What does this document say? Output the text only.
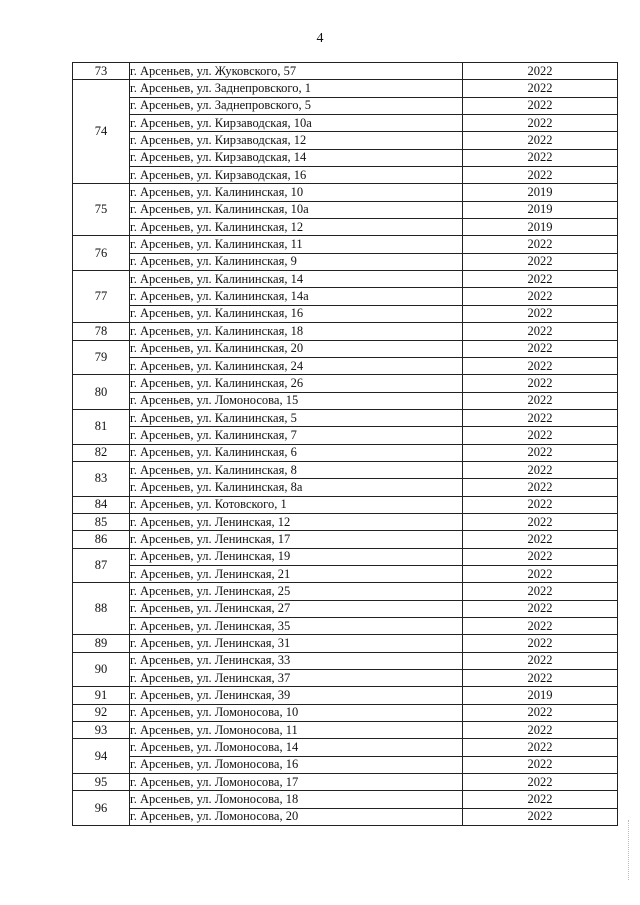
4
73	г. Арсеньев, ул. Жуковского, 57	2022
74	г. Арсеньев, ул. Заднепровского, 1	2022
	г. Арсеньев, ул. Заднепровского, 5	2022
	г. Арсеньев, ул. Кирзаводская, 10а	2022
	г. Арсеньев, ул. Кирзаводская, 12	2022
	г. Арсеньев, ул. Кирзаводская, 14	2022
	г. Арсеньев, ул. Кирзаводская, 16	2022
75	г. Арсеньев, ул. Калининская, 10	2019
	г. Арсеньев, ул. Калининская, 10а	2019
	г. Арсеньев, ул. Калининская, 12	2019
76	г. Арсеньев, ул. Калининская, 11	2022
	г. Арсеньев, ул. Калининская, 9	2022
77	г. Арсеньев, ул. Калининская, 14	2022
	г. Арсеньев, ул. Калининская, 14а	2022
	г. Арсеньев, ул. Калининская, 16	2022
78	г. Арсеньев, ул. Калининская, 18	2022
79	г. Арсеньев, ул. Калининская, 20	2022
	г. Арсеньев, ул. Калининская, 24	2022
80	г. Арсеньев, ул. Калининская, 26	2022
	г. Арсеньев, ул. Ломоносова, 15	2022
81	г. Арсеньев, ул. Калининская, 5	2022
	г. Арсеньев, ул. Калининская, 7	2022
82	г. Арсеньев, ул. Калининская, 6	2022
83	г. Арсеньев, ул. Калининская, 8	2022
	г. Арсеньев, ул. Калининская, 8а	2022
84	г. Арсеньев, ул. Котовского, 1	2022
85	г. Арсеньев, ул. Ленинская, 12	2022
86	г. Арсеньев, ул. Ленинская, 17	2022
87	г. Арсеньев, ул. Ленинская, 19	2022
	г. Арсеньев, ул. Ленинская, 21	2022
88	г. Арсеньев, ул. Ленинская, 25	2022
	г. Арсеньев, ул. Ленинская, 27	2022
	г. Арсеньев, ул. Ленинская, 35	2022
89	г. Арсеньев, ул. Ленинская, 31	2022
90	г. Арсеньев, ул. Ленинская, 33	2022
	г. Арсеньев, ул. Ленинская, 37	2022
91	г. Арсеньев, ул. Ленинская, 39	2019
92	г. Арсеньев, ул. Ломоносова, 10	2022
93	г. Арсеньев, ул. Ломоносова, 11	2022
94	г. Арсеньев, ул. Ломоносова, 14	2022
	г. Арсеньев, ул. Ломоносова, 16	2022
95	г. Арсеньев, ул. Ломоносова, 17	2022
96	г. Арсеньев, ул. Ломоносова, 18	2022
	г. Арсеньев, ул. Ломоносова, 20	2022
